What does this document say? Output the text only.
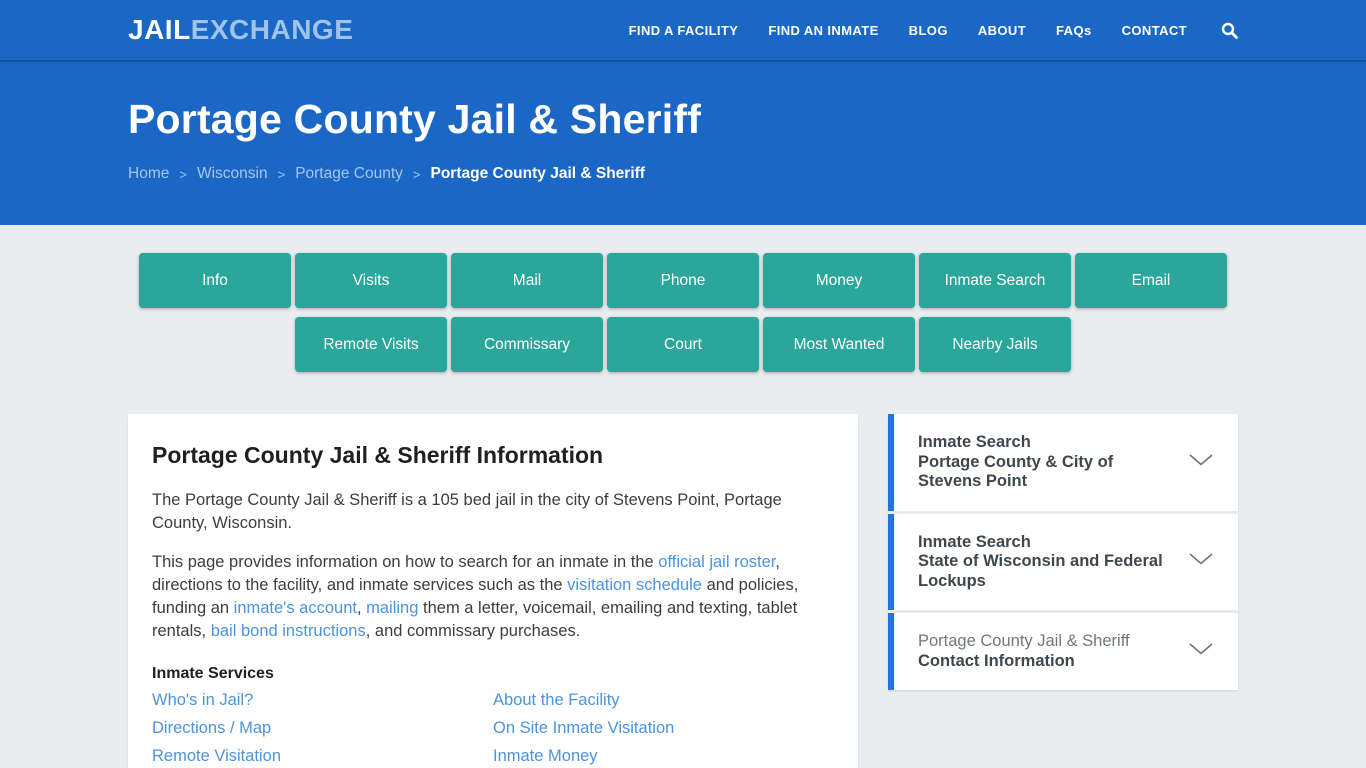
JAILEXCHANGE	FIND A FACILITY FIND AN INMATE BLOG ABOUT FAQs CONTACT
Portage County Jail & Sheriff
Home > Wisconsin > Portage County > Portage County Jail & Sheriff
Info	Visits	Mail	Phone	Money	Inmate Search	Email
Remote Visits	Commissary	Court	Most Wanted	Nearby Jails
Portage County Jail & Sheriff Information

The Portage County Jail & Sheriff is a 105 bed jail in the city of Stevens Point, Portage County, Wisconsin.

This page provides information on how to search for an inmate in the official jail roster, directions to the facility, and inmate services such as the visitation schedule and policies, funding an inmate's account, mailing them a letter, voicemail, emailing and texting, tablet rentals, bail bond instructions, and commissary purchases.

Inmate Services
Who's in Jail?
Directions / Map
Remote Visitation
About the Facility
On Site Inmate Visitation
Inmate Money
Inmate Search
Portage County & City of Stevens Point
Inmate Search
State of Wisconsin and Federal Lockups
Portage County Jail & Sheriff
Contact Information
